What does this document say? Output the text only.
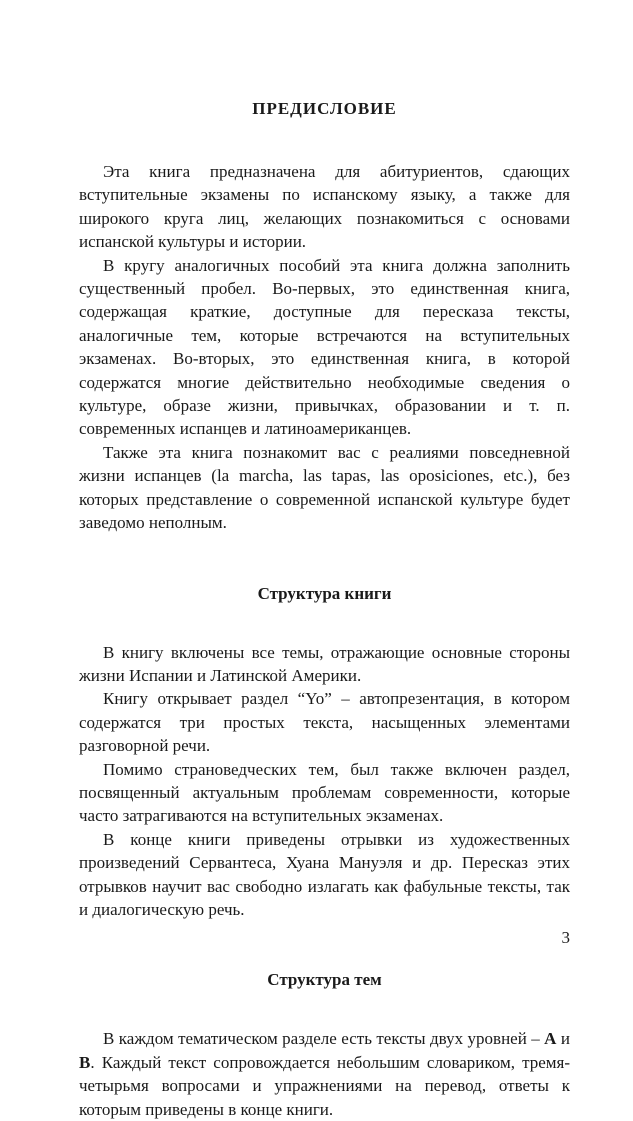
ПРЕДИСЛОВИЕ

Эта книга предназначена для абитуриентов, сдающих вступительные экзамены по испанскому языку, а также для широкого круга лиц, желающих познакомиться с основами испанской культуры и истории.

В кругу аналогичных пособий эта книга должна заполнить существенный пробел. Во-первых, это единственная книга, содержащая краткие, доступные для пересказа тексты, аналогичные тем, которые встречаются на вступительных экзаменах. Во-вторых, это единственная книга, в которой содержатся многие действительно необходимые сведения о культуре, образе жизни, привычках, образовании и т. п. современных испанцев и латиноамериканцев.

Также эта книга познакомит вас с реалиями повседневной жизни испанцев (la marcha, las tapas, las oposiciones, etc.), без которых представление о современной испанской культуре будет заведомо неполным.

Структура книги

В книгу включены все темы, отражающие основные стороны жизни Испании и Латинской Америки.

Книгу открывает раздел “Yo” – автопрезентация, в котором содержатся три простых текста, насыщенных элементами разговорной речи.

Помимо страноведческих тем, был также включен раздел, посвященный актуальным проблемам современности, которые часто затрагиваются на вступительных экзаменах.

В конце книги приведены отрывки из художественных произведений Сервантеса, Хуана Мануэля и др. Пересказ этих отрывков научит вас свободно излагать как фабульные тексты, так и диалогическую речь.

Структура тем

В каждом тематическом разделе есть тексты двух уровней – А и В. Каждый текст сопровождается небольшим словариком, тремя-четырьмя вопросами и упражнениями на перевод, ответы к которым приведены в конце книги.

3
